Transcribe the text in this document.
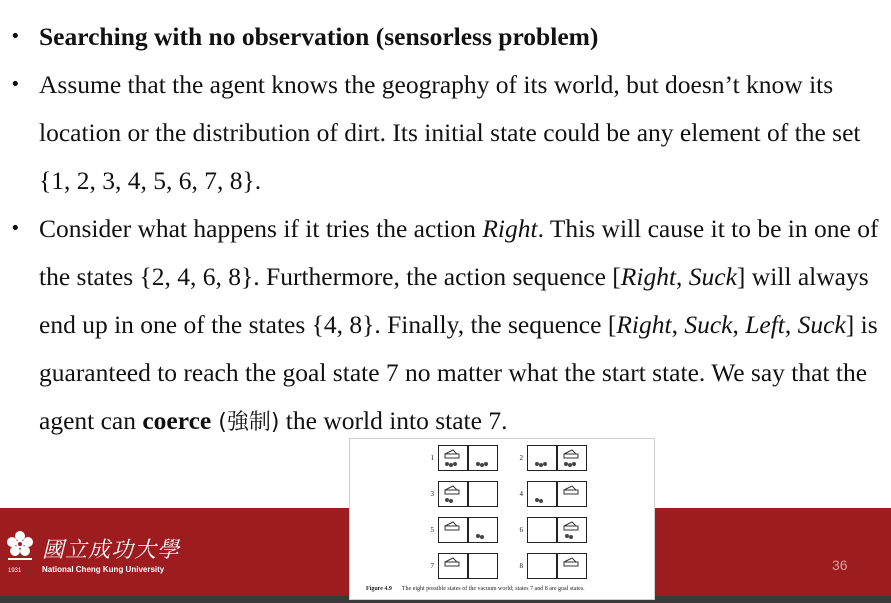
• Searching with no observation (sensorless problem)
• Assume that the agent knows the geography of its world, but doesn’t know its location or the distribution of dirt. Its initial state could be any element of the set {1, 2, 3, 4, 5, 6, 7, 8}.
• Consider what happens if it tries the action Right. This will cause it to be in one of the states {2, 4, 6, 8}. Furthermore, the action sequence [Right, Suck] will always end up in one of the states {4, 8}. Finally, the sequence [Right, Suck, Left, Suck] is guaranteed to reach the goal state 7 no matter what the start state. We say that the agent can coerce (強制) the world into state 7.
1931
國立成功大學
National Cheng Kung University	36
1	2
3	4
5	6
7	8
Figure 4.9 The eight possible states of the vacuum world; states 7 and 8 are goal states.
